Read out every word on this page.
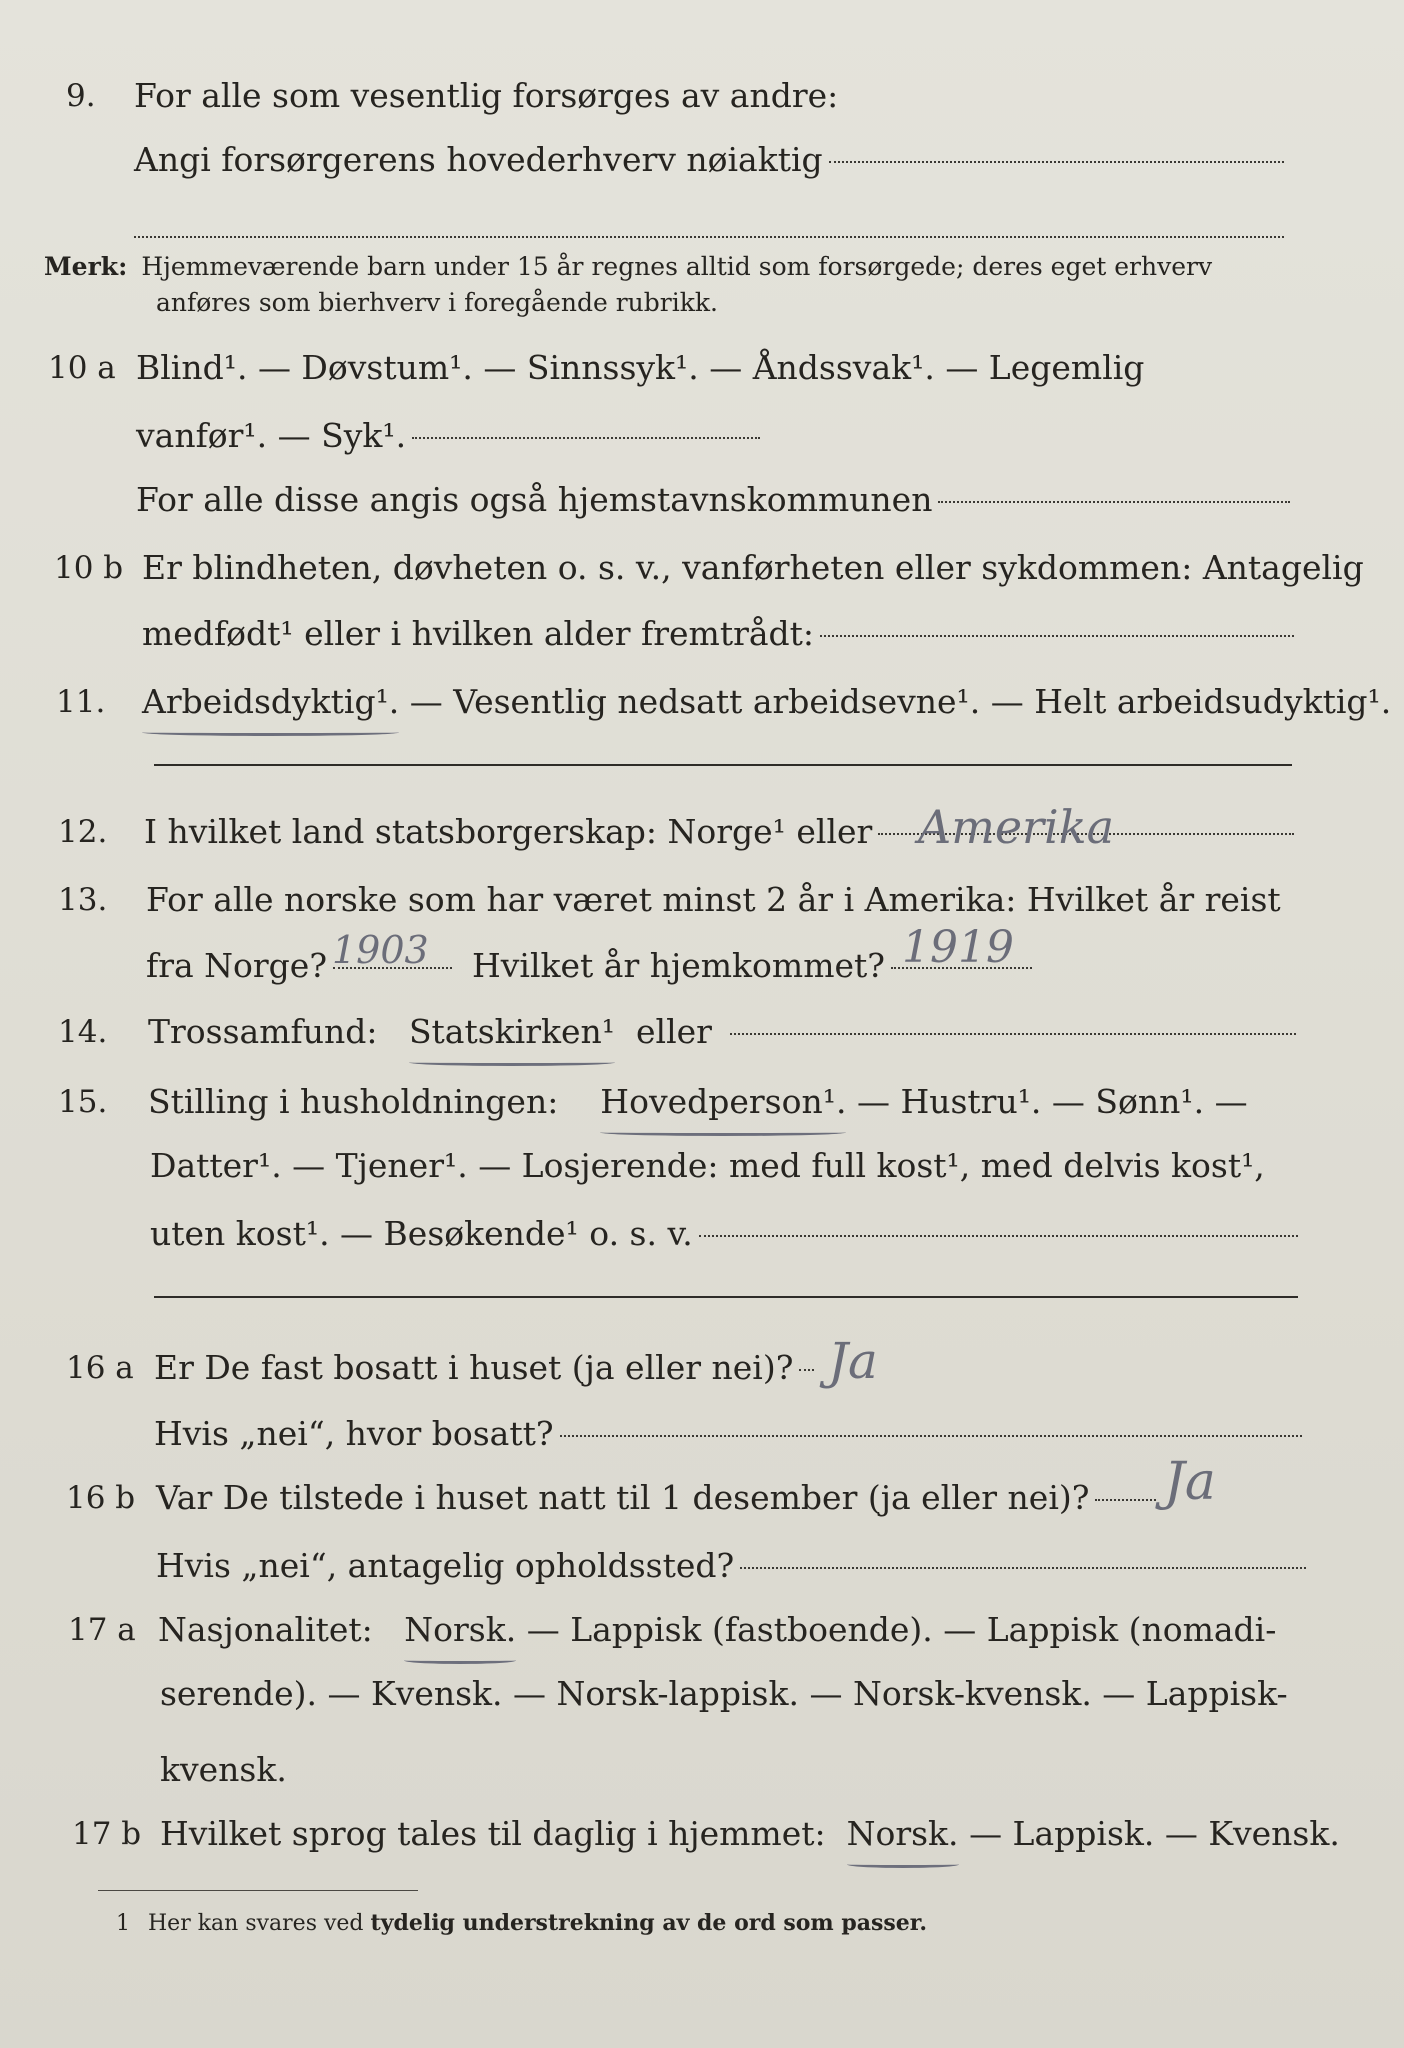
9. For alle som vesentlig forsørges av andre:
Angi forsørgerens hovederhverv nøiaktig
Merk: Hjemmeværende barn under 15 år regnes alltid som forsørgede; deres eget erhverv
anføres som bierhverv i foregående rubrikk.
10 a Blind¹. — Døvstum¹. — Sinnssyk¹. — Åndssvak¹. — Legemlig
vanfør¹. — Syk¹.
For alle disse angis også hjemstavnskommunen
10 b Er blindheten, døvheten o. s. v., vanførheten eller sykdommen: Antagelig
medfødt¹ eller i hvilken alder fremtrådt:
11. Arbeidsdyktig¹.
— Vesentlig nedsatt arbeidsevne¹. — Helt arbeidsudyktig¹.
12. I hvilket land statsborgerskap: Norge¹ eller Amerika
13. For alle norske som har været minst 2 år i Amerika: Hvilket år reist
fra Norge? 1903 Hvilket år hjemkommet? 1919
14. Trossamfund:
Statskirken¹
eller
15. Stilling i husholdningen:
Hovedperson¹.
— Hustru¹. — Sønn¹. —
Datter¹. — Tjener¹. — Losjerende: med full kost¹, med delvis kost¹,
uten kost¹. — Besøkende¹ o. s. v.
16 a Er De fast bosatt i huset (ja eller nei)? Ja
Hvis „nei“, hvor bosatt?
16 b Var De tilstede i huset natt til 1 desember (ja eller nei)? Ja
Hvis „nei“, antagelig opholdssted?
17 a Nasjonalitet:
Norsk.
— Lappisk (fastboende). — Lappisk (nomadi-
serende). — Kvensk. — Norsk-lappisk. — Norsk-kvensk. — Lappisk-
kvensk.
17 b Hvilket sprog tales til daglig i hjemmet:
Norsk.
— Lappisk. — Kvensk.
1 Her kan svares ved tydelig understrekning av de ord som passer.
